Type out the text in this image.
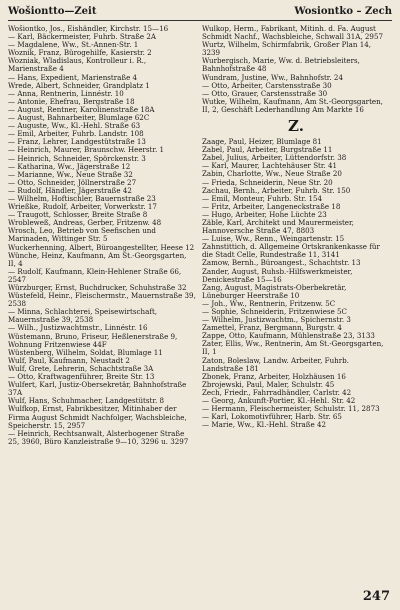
Wošiontto—Zeit	Wosiontko – Zech

Wošiontko, Jos., Eishändler, Kirchstr. 15—16

— Karl, Bäckermeister, Fuhrb. Straße 2A

— Magdalene, Ww., St.-Annen-Str. 1

Woznik, Franz, Bürogehilfe, Kasierstr. 2

Wozniak, Wladislaus, Kontrolleur i. R., Marienstraße 4

— Hans, Expedient, Marienstraße 4

Wrede, Albert, Schneider, Grandplatz 1

— Anna, Rentnerin, Linnéstr. 10

— Antonie, Ehefrau, Bergstraße 18

— August, Rentner, Karolinenstraße 18A

— August, Bahnarbeiter, Blumlage 62C

— Auguste, Ww., Kl.-Hehl. Straße 63

— Emil, Arbeiter, Fuhrb. Landstr. 108

— Franz, Lehrer, Landgestütstraße 13

— Heinrich, Maurer, Braunschw. Heerstr. 1

— Heinrich, Schneider, Spörckenstr. 3

— Katharina, Ww., Jägerstraße 12

— Marianne, Ww., Neue Straße 32

— Otto, Schneider, Jöllnerstraße 27

— Rudolf, Händler, Jägerstraße 42

— Wilhelm, Hoftischler, Bauernstraße 23

Wrießke, Rudolf, Arbeiter, Vorwerkstr. 17

— Traugott, Schlosser, Breite Straße 8

Wrobleweß, Andreas, Gerber, Fritzenw. 48

Wrosch, Leo, Betrieb von Seefischen und Marinaden, Wittinger Str. 5

Wuckerhenning, Albert, Büroangestellter, Heese 12

Wünche, Heinz, Kaufmann, Am St.-Georgsgarten, II, 4

— Rudolf, Kaufmann, Klein-Hehlener Straße 66, 2547

Würzburger, Ernst, Buchdrucker, Schuhstraße 32

Wüstefeld, Heinr., Fleischermstr., Mauernstraße 39, 2538

— Minna, Schlachterei, Speisewirtschaft, Mauernstraße 39, 2538

— Wilh., Justizwachtmstr., Linnéstr. 16

Wüstemann, Bruno, Friseur, Heßlenerstraße 9, Wohnung Fritzenwiese 44F

Wüstenberg, Wilhelm, Soldat, Blumlage 11

Wulf, Paul, Kaufmann, Neustadt 2

Wulf, Grete, Lehrerin, Schachtstraße 3A

— Otto, Kraftwagenführer, Breite Str. 13

Wulfert, Karl, Justiz-Obersekretär, Bahnhofstraße 37A

Wulf, Hans, Schuhmacher, Landgestütstr. 8

Wulfkop, Ernst, Fabrikbesitzer, Mitinhaber der Firma August Schmidt Nachfolger, Wachsbleiche, Speicherstr. 15, 2957

— Heinrich, Rechtsanwalt, Alsterbogener Straße 25, 3960, Büro Kanzleistraße 9—10, 3296 u. 3297

Wulkop, Herm., Fabrikant, Mitinh. d. Fa. August Schmidt Nachf., Wachsbleiche, Schwall 31A, 2957

Wurtz, Wilhelm, Schirmfabrik, Großer Plan 14, 3239

Wurbergisch, Marie, Ww. d. Betriebsleiters, Bahnhofstraße 48

Wundram, Justine, Ww., Bahnhofstr. 24

— Otto, Arbeiter, Carstensstraße 30

— Otto, Grauer, Carstensstraße 30

Wutke, Wilhelm, Kaufmann, Am St.-Georgsgarten, II, 2, Geschäft Lederhandlung Am Markte 16

Z.

Zaage, Paul, Heizer, Blumlage 81

Zabel, Paul, Arbeiter, Burgstraße 11

Zabel, Julius, Arbeiter, Lüttendorfstr. 38

— Karl, Maurer, Lachtehäuser Str. 41

Zabin, Charlotte, Ww., Neue Straße 20

— Frieda, Schneiderin, Neue Str. 20

Zachau, Bernh., Arbeiter, Fuhrb. Str. 150

— Emil, Monteur, Fuhrb. Str. 154

— Fritz, Arbeiter, Langeneckstraße 18

— Hugo, Arbeiter, Hohe Lüchte 23

Zäble, Karl, Architekt und Maurermeister, Hannoversche Straße 47, 8803

— Luise, Ww., Renn., Weingartenstr. 15

Zahnstittich, d. Allgemeine Ortskrankenkasse für die Stadt Celle, Rundestraße 11, 3141

Zamow, Bernh., Büroangest., Schachtstr. 13

Zander, August, Ruhsb.-Hilfswerkmeister, Denickestraße 15—16

Zang, August, Magistrats-Oberbekretär, Lüneburger Heerstraße 10

— Joh., Ww., Rentnerin, Fritzenw. 5C

— Sophie, Schneiderin, Fritzenwiese 5C

— Wilhelm, Justizwachtm., Spichernstr. 3

Zamettel, Franz, Bergmann, Burgstr. 4

Zappe, Otto, Kaufmann, Mühlenstraße 23, 3133

Zater, Ellis, Ww., Rentnerin, Am St.-Georgsgarten, II, 1

Zaton, Boleslaw, Landw. Arbeiter, Fuhrb. Landstraße 181

Zbonek, Franz, Arbeiter, Holzhäusen 16

Zbrojewski, Paul, Maler, Schulstr. 45

Zech, Friedr., Fahrradhändler, Carlstr. 42

— Georg, Ankunft-Portier, Kl.-Hehl. Str. 42

— Hermann, Fleischermeister, Schulstr. 11, 2873

— Karl, Lokomotivführer, Harb. Str. 65

— Marie, Ww., Kl.-Hehl. Straße 42

247
